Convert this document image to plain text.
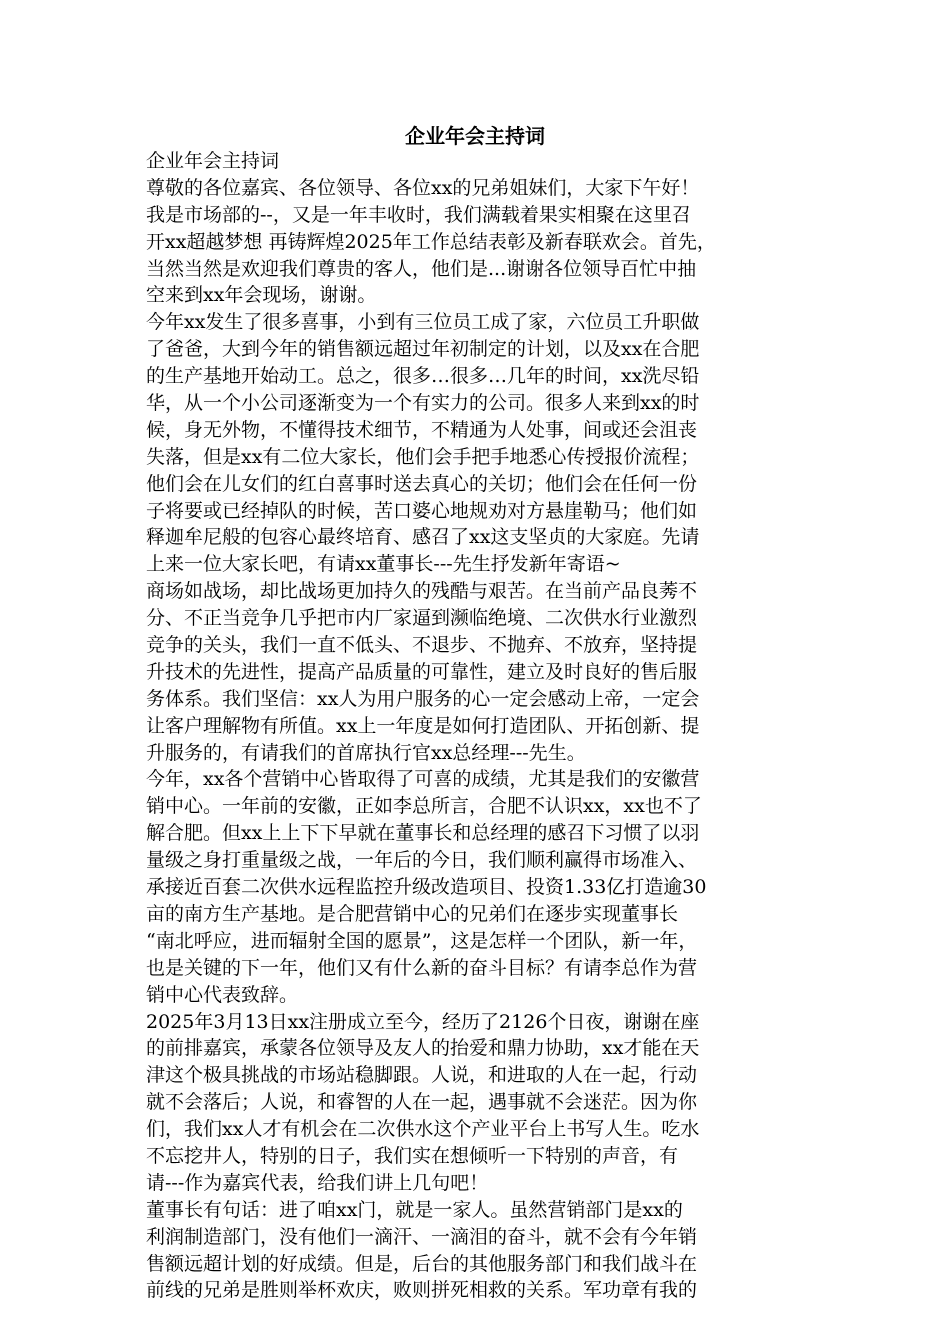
企业年会主持词
企业年会主持词
尊敬的各位嘉宾、各位领导、各位xx的兄弟姐妹们，大家下午好！
我是市场部的--，又是一年丰收时，我们满载着果实相聚在这里召
开xx超越梦想 再铸辉煌2025年工作总结表彰及新春联欢会。首先，
当然当然是欢迎我们尊贵的客人，他们是...谢谢各位领导百忙中抽
空来到xx年会现场，谢谢。
今年xx发生了很多喜事，小到有三位员工成了家，六位员工升职做
了爸爸，大到今年的销售额远超过年初制定的计划，以及xx在合肥
的生产基地开始动工。总之，很多…很多…几年的时间，xx洗尽铅
华，从一个小公司逐渐变为一个有实力的公司。很多人来到xx的时
候，身无外物，不懂得技术细节，不精通为人处事，间或还会沮丧
失落，但是xx有二位大家长，他们会手把手地悉心传授报价流程；
他们会在儿女们的红白喜事时送去真心的关切；他们会在任何一份
子将要或已经掉队的时候，苦口婆心地规劝对方悬崖勒马；他们如
释迦牟尼般的包容心最终培育、感召了xx这支坚贞的大家庭。先请
上来一位大家长吧，有请xx董事长---先生抒发新年寄语~
商场如战场，却比战场更加持久的残酷与艰苦。在当前产品良莠不
分、不正当竞争几乎把市内厂家逼到濒临绝境、二次供水行业激烈
竞争的关头，我们一直不低头、不退步、不抛弃、不放弃，坚持提
升技术的先进性，提高产品质量的可靠性，建立及时良好的售后服
务体系。我们坚信：xx人为用户服务的心一定会感动上帝，一定会
让客户理解物有所值。xx上一年度是如何打造团队、开拓创新、提
升服务的，有请我们的首席执行官xx总经理---先生。
今年，xx各个营销中心皆取得了可喜的成绩，尤其是我们的安徽营
销中心。一年前的安徽，正如李总所言，合肥不认识xx，xx也不了
解合肥。但xx上上下下早就在董事长和总经理的感召下习惯了以羽
量级之身打重量级之战，一年后的今日，我们顺利赢得市场准入、
承接近百套二次供水远程监控升级改造项目、投资1.33亿打造逾30
亩的南方生产基地。是合肥营销中心的兄弟们在逐步实现董事长
“南北呼应，进而辐射全国的愿景”，这是怎样一个团队，新一年，
也是关键的下一年，他们又有什么新的奋斗目标？有请李总作为营
销中心代表致辞。
2025年3月13日xx注册成立至今，经历了2126个日夜，谢谢在座
的前排嘉宾，承蒙各位领导及友人的抬爱和鼎力协助，xx才能在天
津这个极具挑战的市场站稳脚跟。人说，和进取的人在一起，行动
就不会落后；人说，和睿智的人在一起，遇事就不会迷茫。因为你
们，我们xx人才有机会在二次供水这个产业平台上书写人生。吃水
不忘挖井人，特别的日子，我们实在想倾听一下特别的声音，有
请---作为嘉宾代表，给我们讲上几句吧！
董事长有句话：进了咱xx门，就是一家人。虽然营销部门是xx的
利润制造部门，没有他们一滴汗、一滴泪的奋斗，就不会有今年销
售额远超计划的好成绩。但是，后台的其他服务部门和我们战斗在
前线的兄弟是胜则举杯欢庆，败则拼死相救的关系。军功章有我的
